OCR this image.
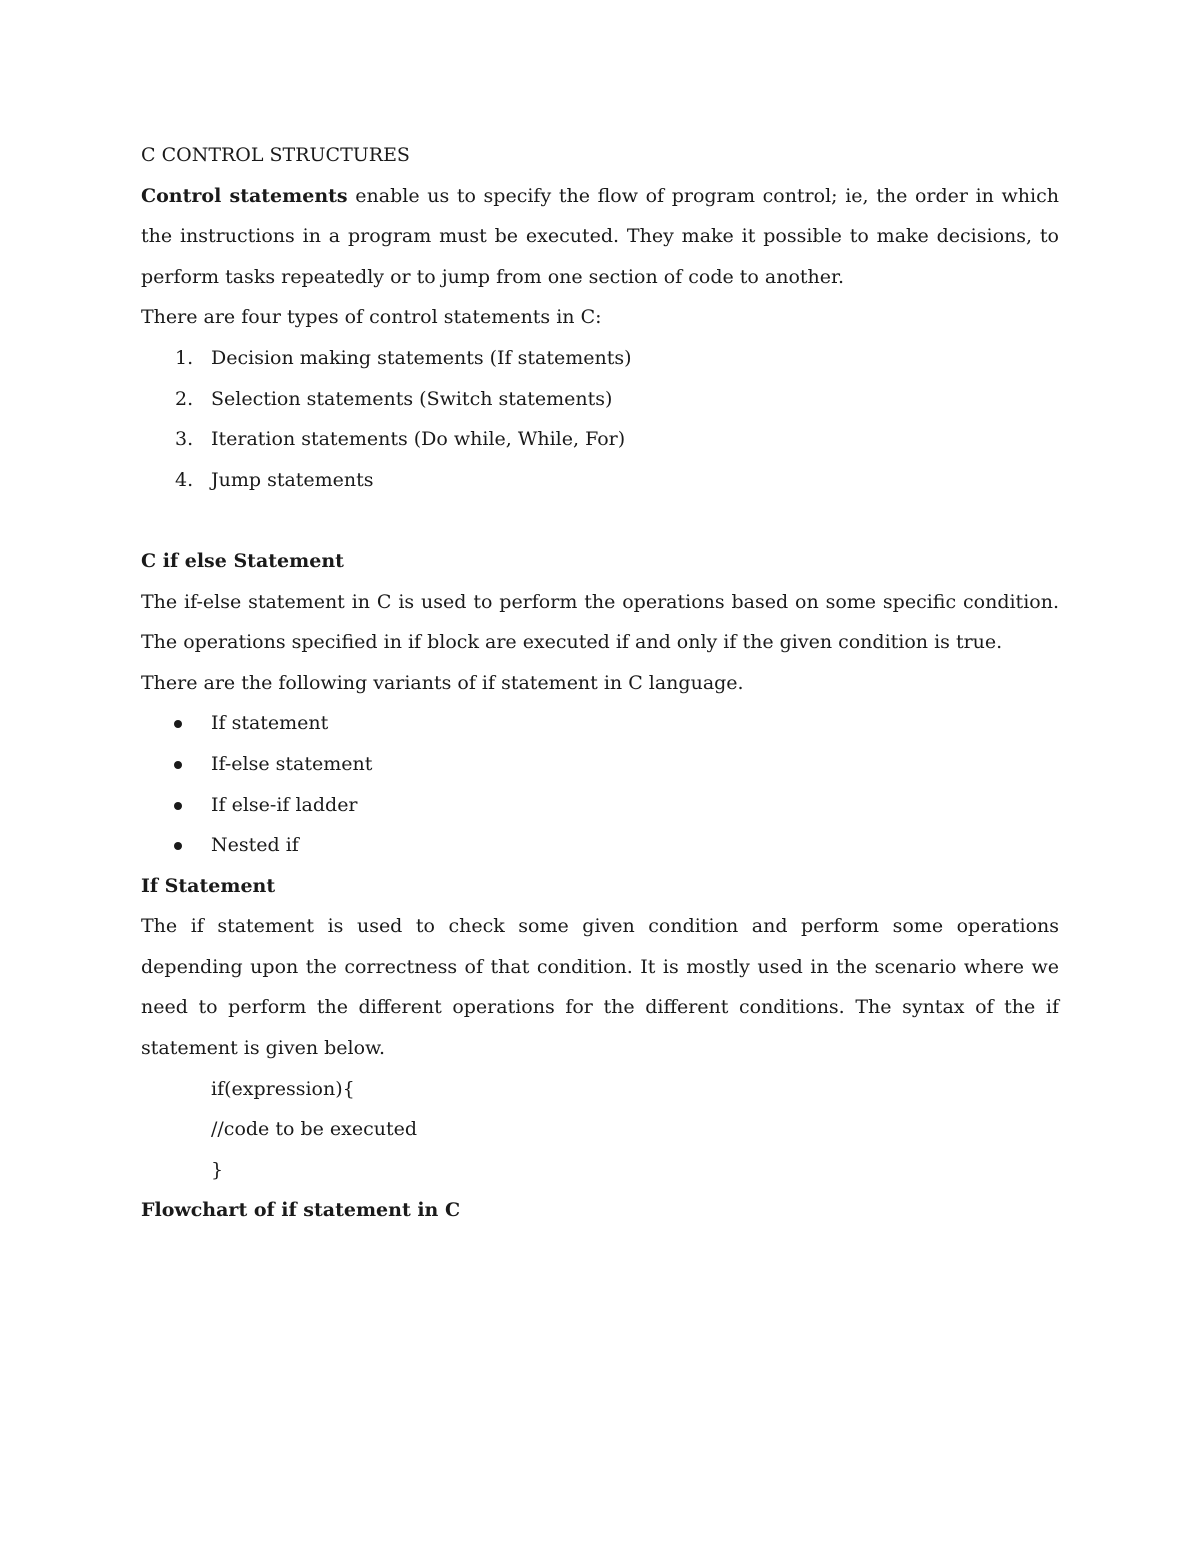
C CONTROL STRUCTURES

Control statements enable us to specify the flow of program control; ie, the order in which the instructions in a program must be executed. They make it possible to make decisions, to perform tasks repeatedly or to jump from one section of code to another.

There are four types of control statements in C:

1. Decision making statements (If statements)
2. Selection statements (Switch statements)
3. Iteration statements (Do while, While, For)
4. Jump statements
C if else Statement

The if-else statement in C is used to perform the operations based on some specific condition. The operations specified in if block are executed if and only if the given condition is true.

There are the following variants of if statement in C language.

If statement
If-else statement
If else-if ladder
Nested if
If Statement

The if statement is used to check some given condition and perform some operations depending upon the correctness of that condition. It is mostly used in the scenario where we need to perform the different operations for the different conditions. The syntax of the if statement is given below.

if(expression){

//code to be executed

}

Flowchart of if statement in C
